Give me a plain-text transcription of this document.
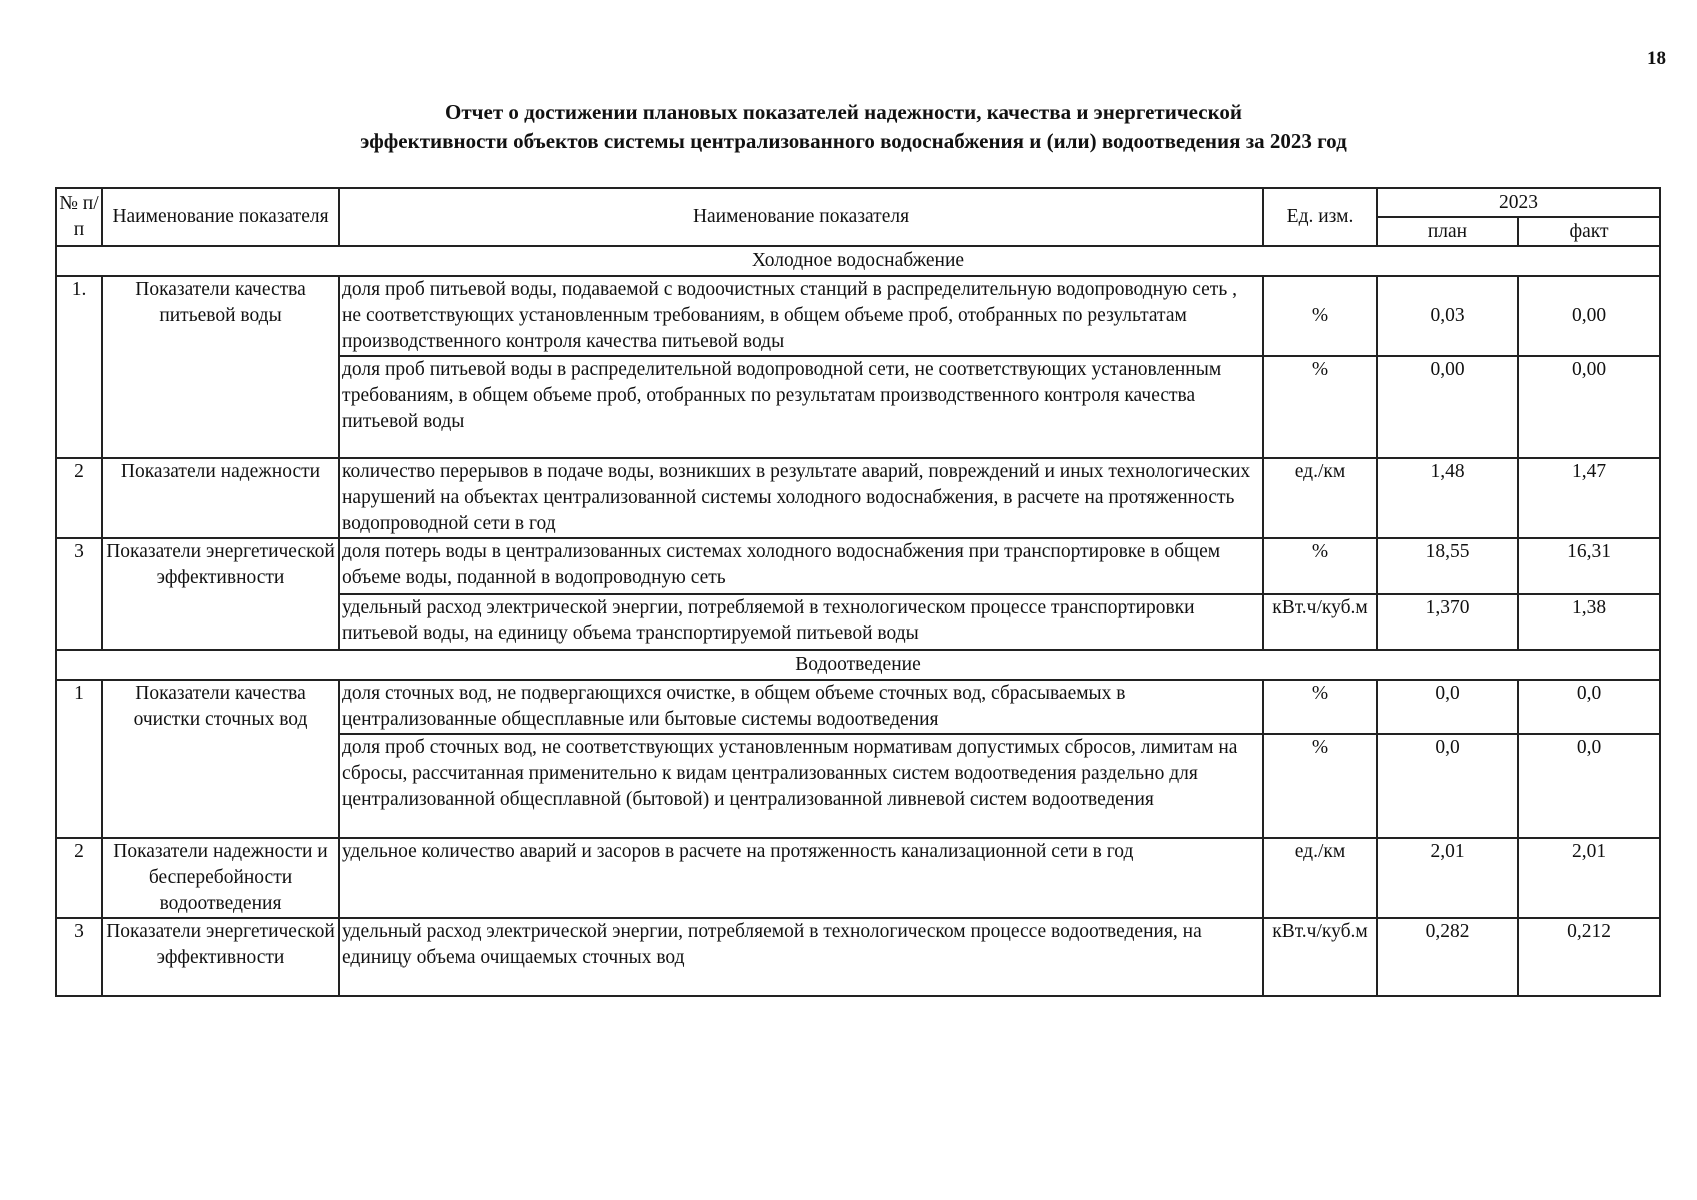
18
Отчет о достижении плановых показателей надежности, качества и энергетической
эффективности объектов системы централизованного водоснабжения и (или) водоотведения за 2023 год
№ п/п	Наименование показателя	Наименование показателя	Ед. изм.	2023	
				план	факт
Холодное водоснабжение					
1.	Показатели качества питьевой воды	доля проб питьевой воды, подаваемой с водоочистных станций в распределительную водопроводную сеть , не соответствующих установленным требованиям, в общем объеме проб, отобранных по результатам производственного контроля качества питьевой воды	%	0,03	0,00
		доля проб питьевой воды в распределительной водопроводной сети, не соответствующих установленным требованиям, в общем объеме проб, отобранных по результатам производственного контроля качества питьевой воды	%	0,00	0,00
2	Показатели надежности	количество перерывов в подаче воды, возникших в результате аварий, повреждений и иных технологических нарушений на объектах централизованной системы холодного водоснабжения, в расчете на протяженность водопроводной сети в год	ед./км	1,48	1,47
3	Показатели энергетической эффективности	доля потерь воды в централизованных системах холодного водоснабжения при транспортировке в общем объеме воды, поданной в водопроводную сеть	%	18,55	16,31
		удельный расход электрической энергии, потребляемой в технологическом процессе транспортировки питьевой воды, на единицу объема транспортируемой питьевой воды	кВт.ч/куб.м	1,370	1,38
Водоотведение					
1	Показатели качества очистки сточных вод	доля сточных вод, не подвергающихся очистке, в общем объеме сточных вод, сбрасываемых в централизованные общесплавные или бытовые системы водоотведения	%	0,0	0,0
		доля проб сточных вод, не соответствующих установленным нормативам допустимых сбросов, лимитам на сбросы, рассчитанная применительно к видам централизованных систем водоотведения раздельно для централизованной общесплавной (бытовой) и централизованной ливневой систем водоотведения	%	0,0	0,0
2	Показатели надежности и бесперебойности водоотведения	удельное количество аварий и засоров в расчете на протяженность канализационной сети в год	ед./км	2,01	2,01
3	Показатели энергетической эффективности	удельный расход электрической энергии, потребляемой в технологическом процессе водоотведения, на единицу объема очищаемых сточных вод	кВт.ч/куб.м	0,282	0,212
